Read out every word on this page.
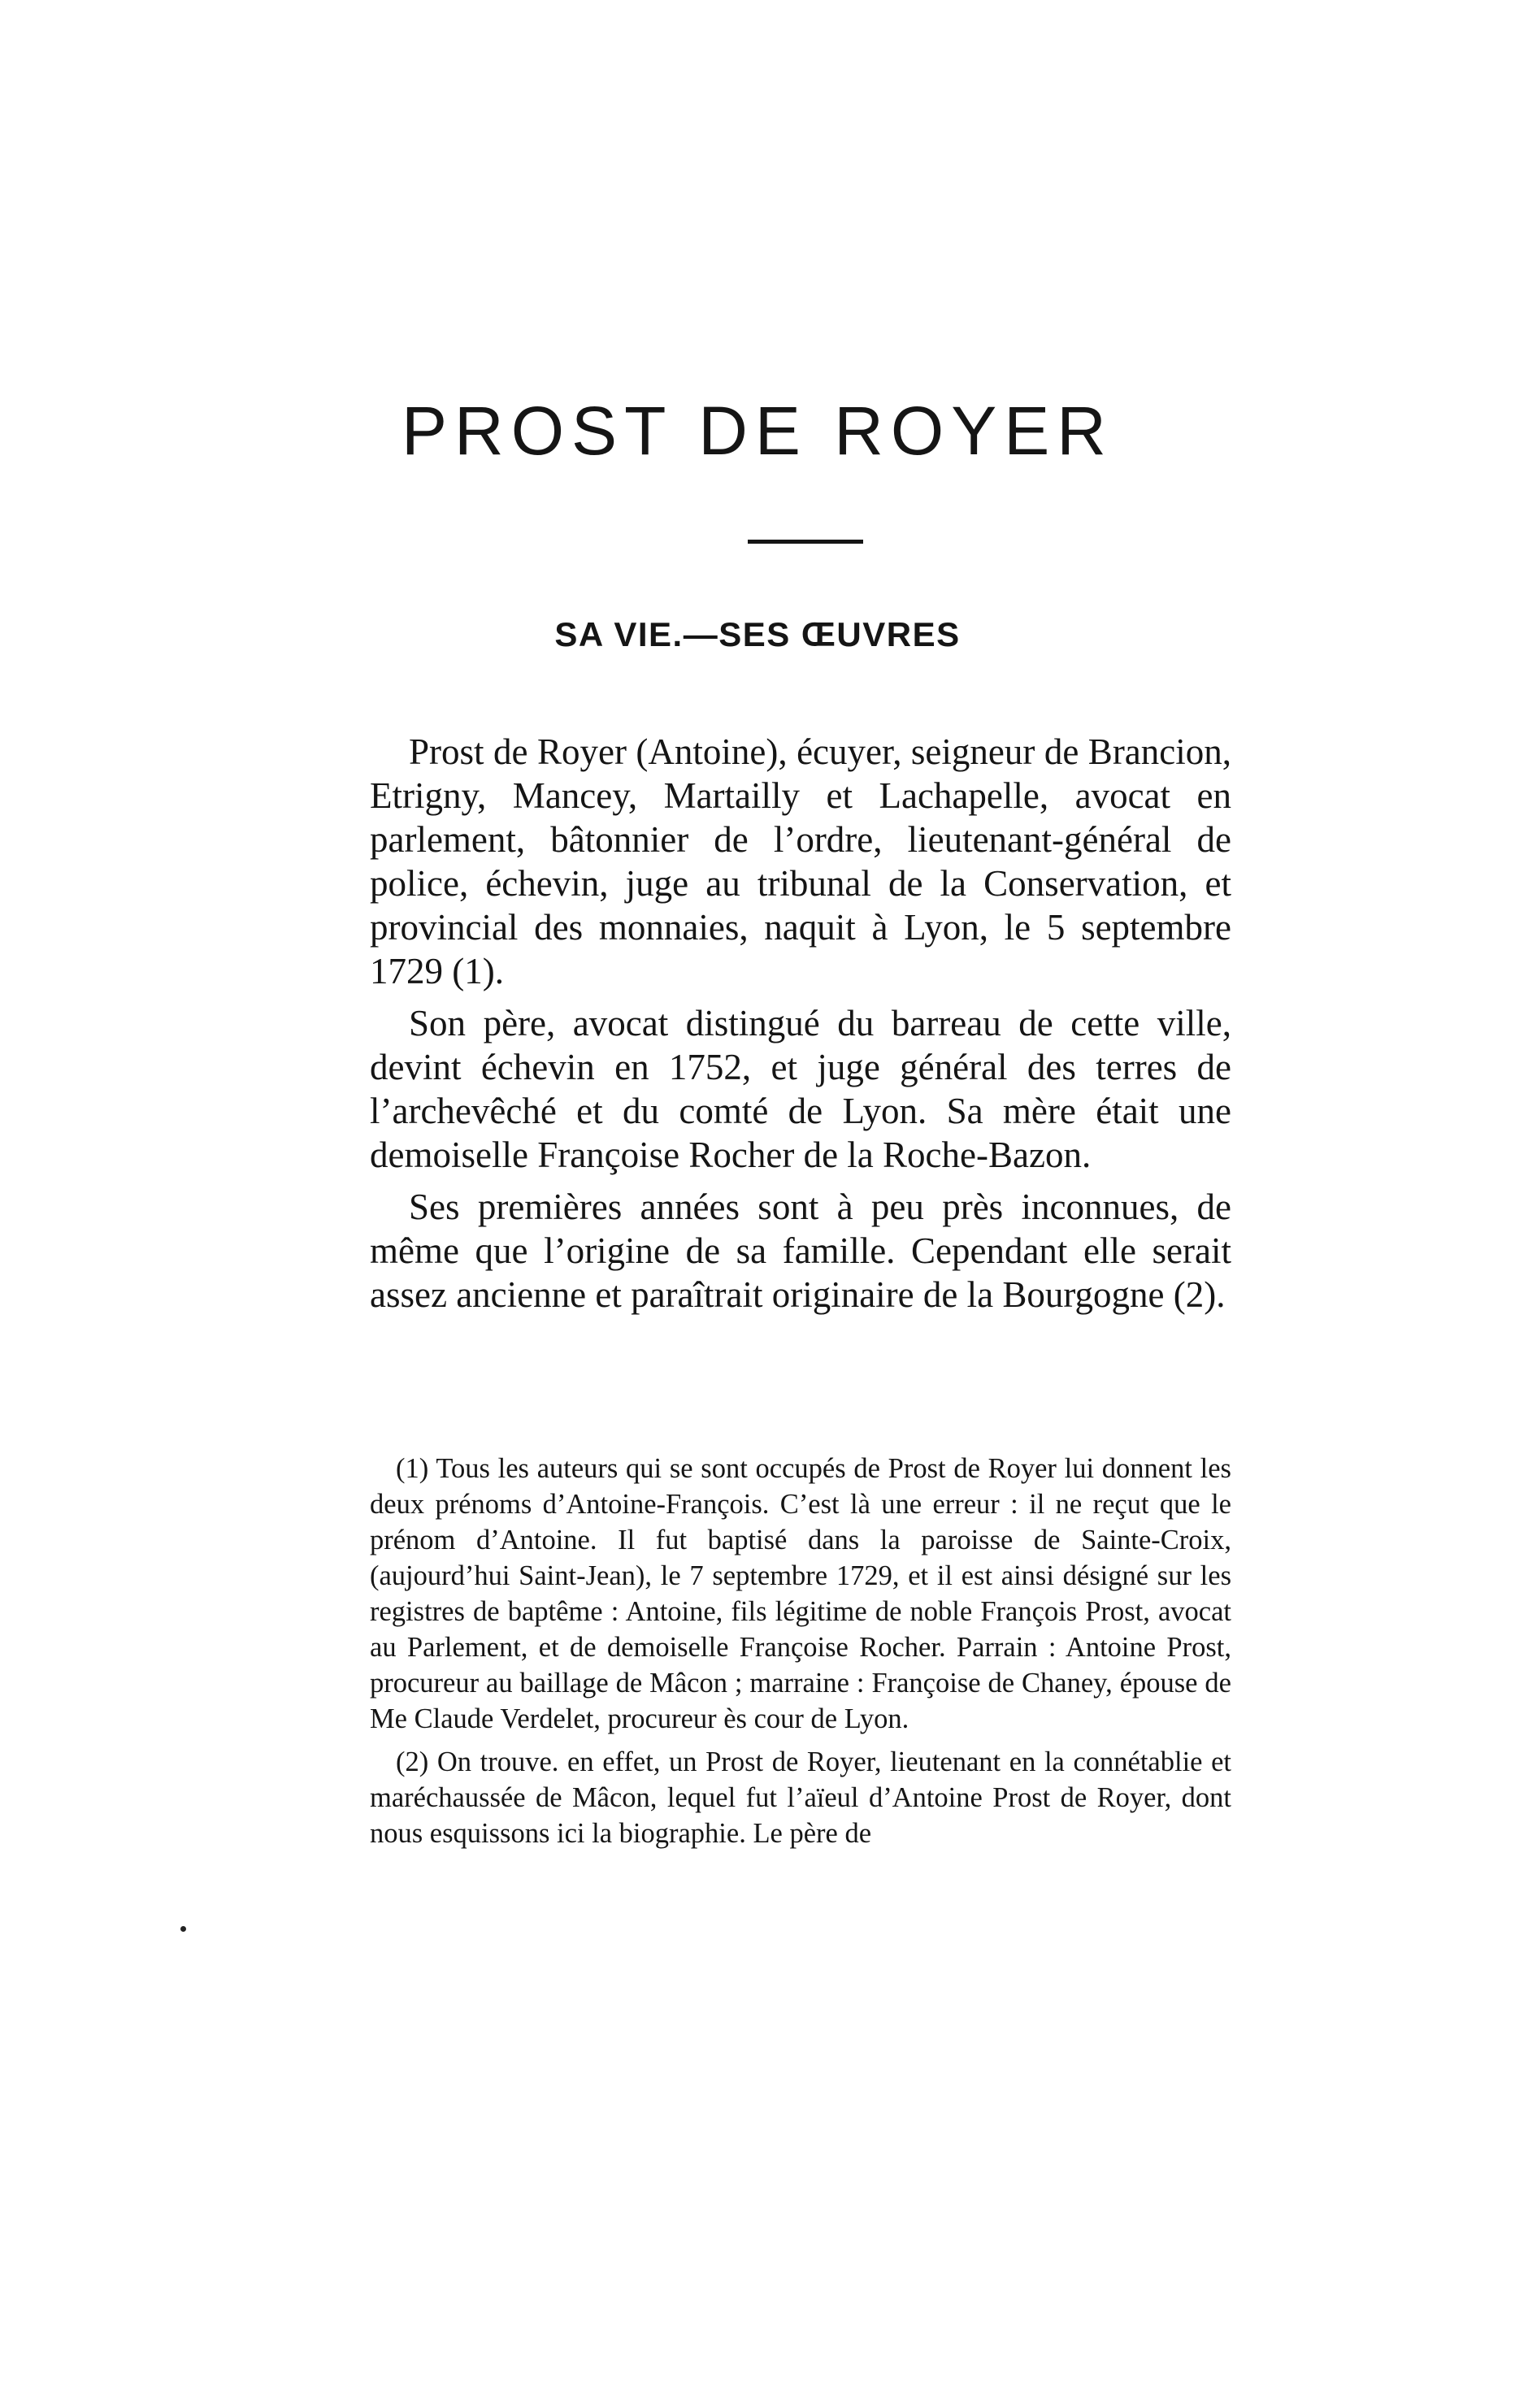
PROST DE ROYER
SA VIE.—SES ŒUVRES

Prost de Royer (Antoine), écuyer, seigneur de Brancion, Etrigny, Mancey, Martailly et Lachapelle, avocat en parlement, bâtonnier de l’ordre, lieutenant-général de police, échevin, juge au tribunal de la Conservation, et provincial des monnaies, naquit à Lyon, le 5 septembre 1729 (1).

Son père, avocat distingué du barreau de cette ville, devint échevin en 1752, et juge général des terres de l’archevêché et du comté de Lyon. Sa mère était une demoiselle Françoise Rocher de la Roche-Bazon.

Ses premières années sont à peu près inconnues, de même que l’origine de sa famille. Cependant elle serait assez ancienne et paraîtrait originaire de la Bourgogne (2).

(1) Tous les auteurs qui se sont occupés de Prost de Royer lui donnent les deux prénoms d’Antoine-François. C’est là une erreur : il ne reçut que le prénom d’Antoine. Il fut baptisé dans la paroisse de Sainte-Croix, (aujourd’hui Saint-Jean), le 7 septembre 1729, et il est ainsi désigné sur les registres de baptême : Antoine, fils légitime de noble François Prost, avocat au Parlement, et de demoiselle Françoise Rocher. Parrain : Antoine Prost, procureur au baillage de Mâcon ; marraine : Françoise de Chaney, épouse de Me Claude Verdelet, procureur ès cour de Lyon.

(2) On trouve. en effet, un Prost de Royer, lieutenant en la connétablie et maréchaussée de Mâcon, lequel fut l’aïeul d’Antoine Prost de Royer, dont nous esquissons ici la biographie. Le père de
